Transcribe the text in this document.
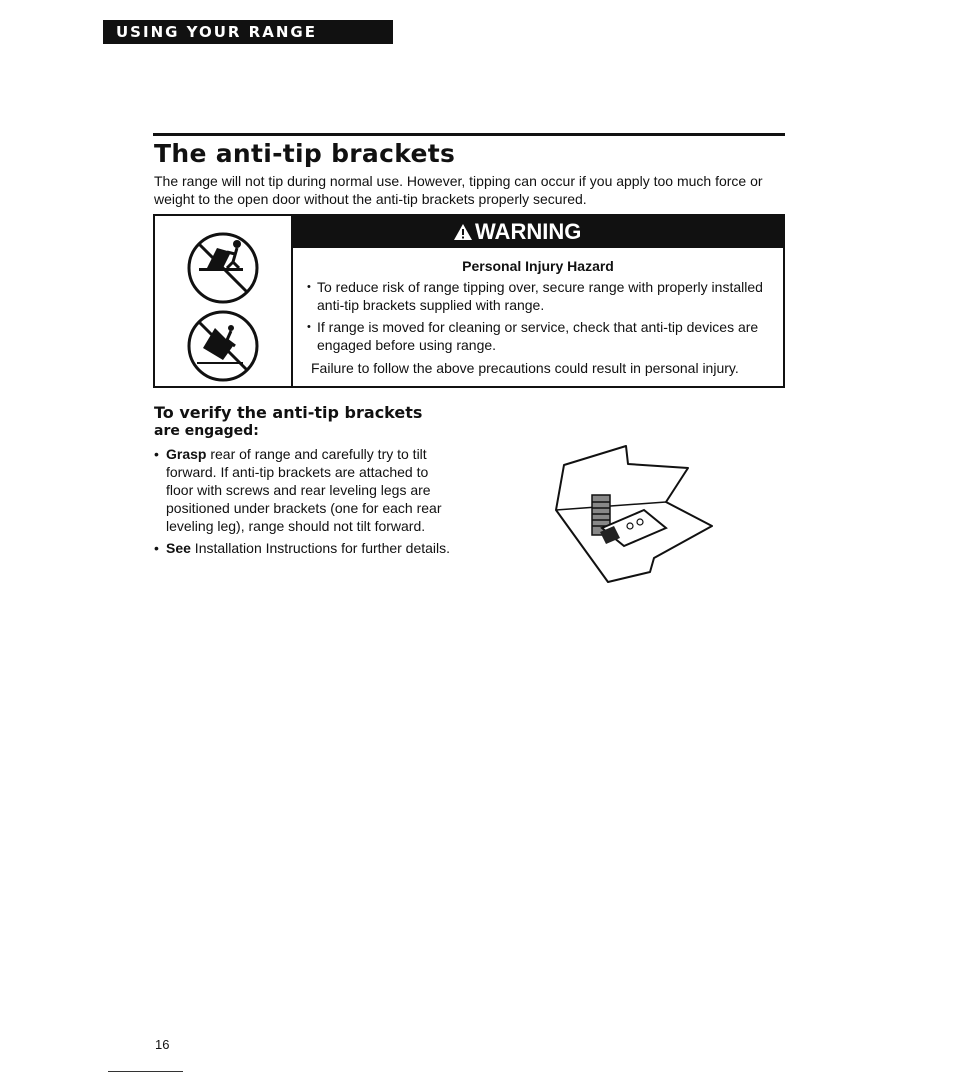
USING YOUR RANGE
The anti-tip brackets

The range will not tip during normal use. However, tipping can occur if you apply too much force or weight to the open door without the anti-tip brackets properly secured.

WARNING
Personal Injury Hazard
• To reduce risk of range tipping over, secure range with properly installed anti-tip brackets supplied with range.
• If range is moved for cleaning or service, check that anti-tip devices are engaged before using range.
Failure to follow the above precautions could result in personal injury.
To verify the anti-tip brackets
are engaged:
• Grasp rear of range and carefully try to tilt forward. If anti-tip brackets are attached to floor with screws and rear leveling legs are positioned under brackets (one for each rear leveling leg), range should not tilt forward.
• See Installation Instructions for further details.
16
